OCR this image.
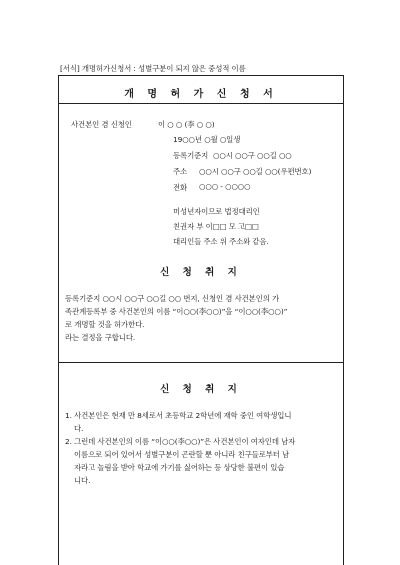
[서식] 개명허가신청서 : 성별구분이 되지 않은 중성적 이름
개 명 허 가 신 청 서
사건본인 겸 신청인	이 ○ ○ (李 ○ ○)
19○○년 ○월 ○일생
등록기준지 ○○시 ○○구 ○○길 ○○
주소 ○○시 ○○구 ○○길 ○○(우편번호)
전화 ○○○ - ○○○○
미성년자이므로 법정대리인
친권자 부 이□□ 모 고□□
대리인들 주소 위 주소와 같음.
신 청 취 지
등록기준지 ○○시 ○○구 ○○길 ○○ 번지, 신청인 겸 사건본인의 가
족관계등록부 중 사건본인의 이름 “이○○(李○○)”을 “이○○(李○○)”
로 개명할 것을 허가한다.
라는 결정을 구합니다.
신 청 취 지
1. 사건본인은 현재 만 8세로서 초등학교 2학년에 재학 중인 여학생입니
다.
2. 그런데 사건본인의 이름 “이○○(李○○)”은 사건본인이 여자인데 남자
이름으로 되어 있어서 성별구분이 곤란할 뿐 아니라 친구들로부터 남
자라고 놀림을 받아 학교에 가기를 싫어하는 등 상당한 불편이 있습
니다.
